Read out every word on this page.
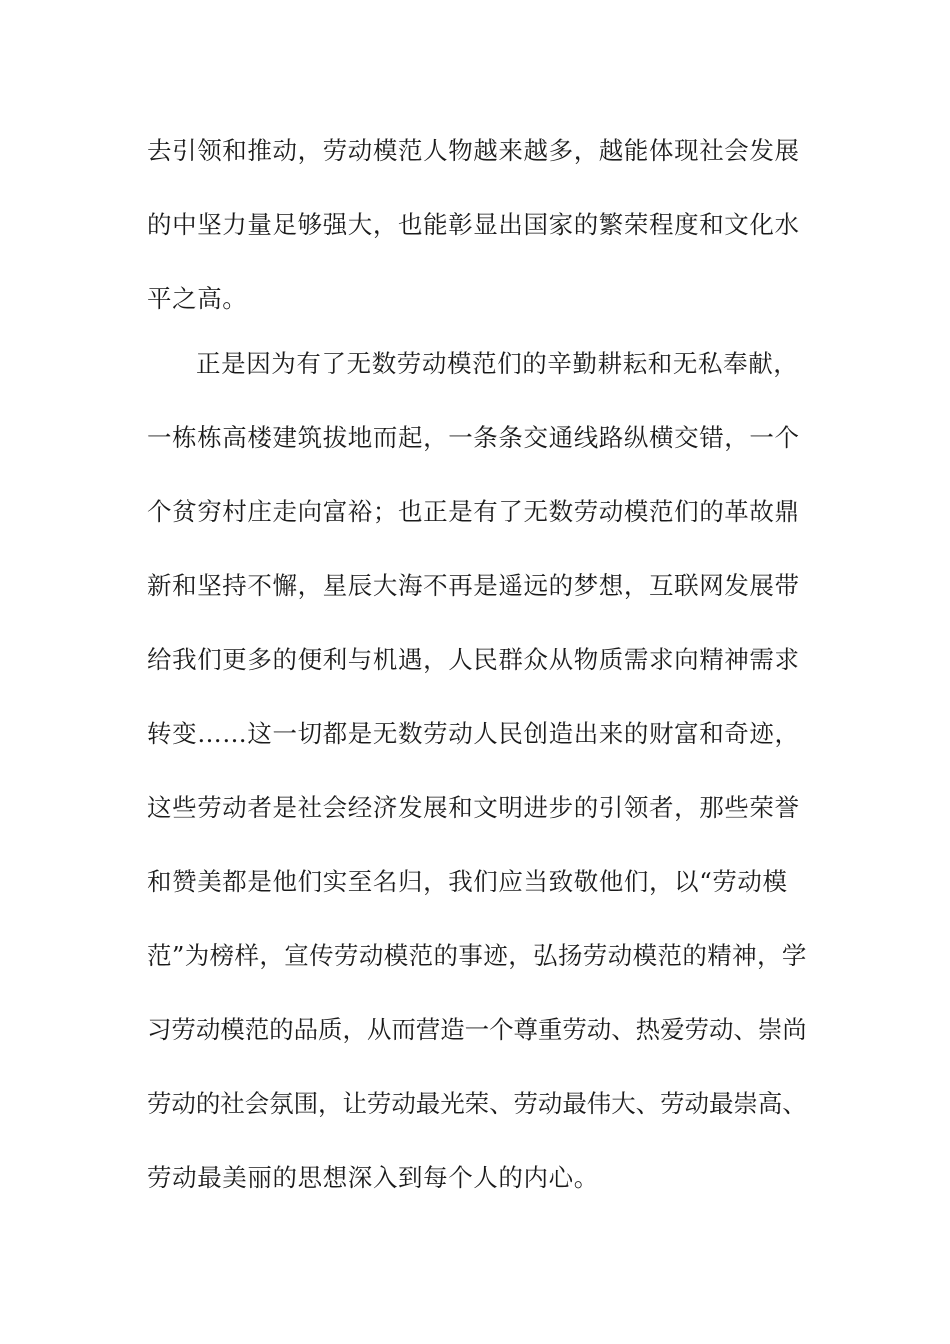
去引领和推动，劳动模范人物越来越多，越能体现社会发展
的中坚力量足够强大，也能彰显出国家的繁荣程度和文化水
平之高。
正是因为有了无数劳动模范们的辛勤耕耘和无私奉献，
一栋栋高楼建筑拔地而起，一条条交通线路纵横交错，一个
个贫穷村庄走向富裕；也正是有了无数劳动模范们的革故鼎
新和坚持不懈，星辰大海不再是遥远的梦想，互联网发展带
给我们更多的便利与机遇，人民群众从物质需求向精神需求
转变……这一切都是无数劳动人民创造出来的财富和奇迹，
这些劳动者是社会经济发展和文明进步的引领者，那些荣誉
和赞美都是他们实至名归，我们应当致敬他们，以“劳动模
范”为榜样，宣传劳动模范的事迹，弘扬劳动模范的精神，学
习劳动模范的品质，从而营造一个尊重劳动、热爱劳动、崇尚
劳动的社会氛围，让劳动最光荣、劳动最伟大、劳动最崇高、
劳动最美丽的思想深入到每个人的内心。
